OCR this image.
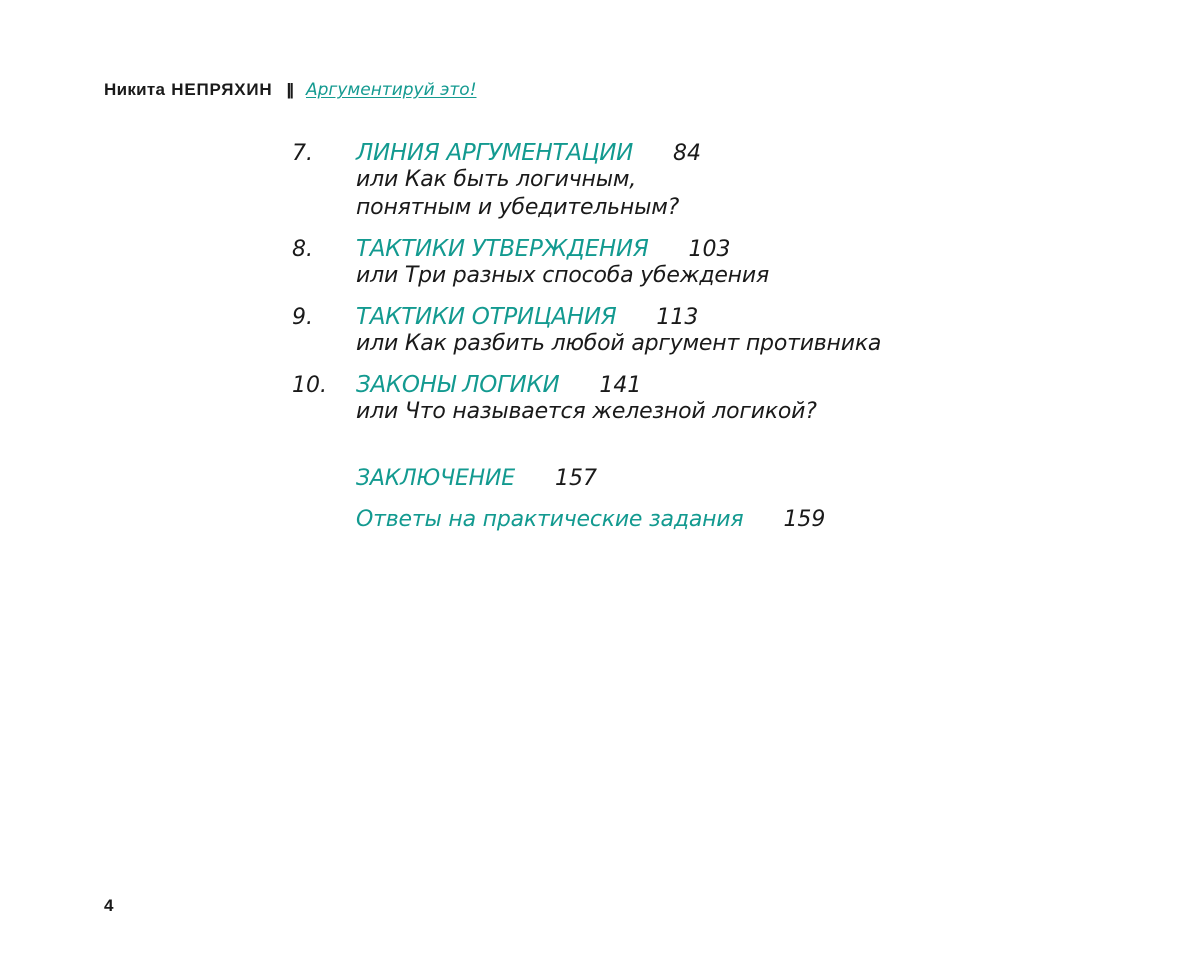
Никита НЕПРЯХИН || Аргументируй это!
7.	ЛИНИЯ АРГУМЕНТАЦИИ 84
или Как быть логичным,
понятным и убедительным?
8.	ТАКТИКИ УТВЕРЖДЕНИЯ 103
или Три разных способа убеждения
9.	ТАКТИКИ ОТРИЦАНИЯ 113
или Как разбить любой аргумент противника
10.	ЗАКОНЫ ЛОГИКИ 141
или Что называется железной логикой?
ЗАКЛЮЧЕНИЕ 157
Ответы на практические задания 159
4
